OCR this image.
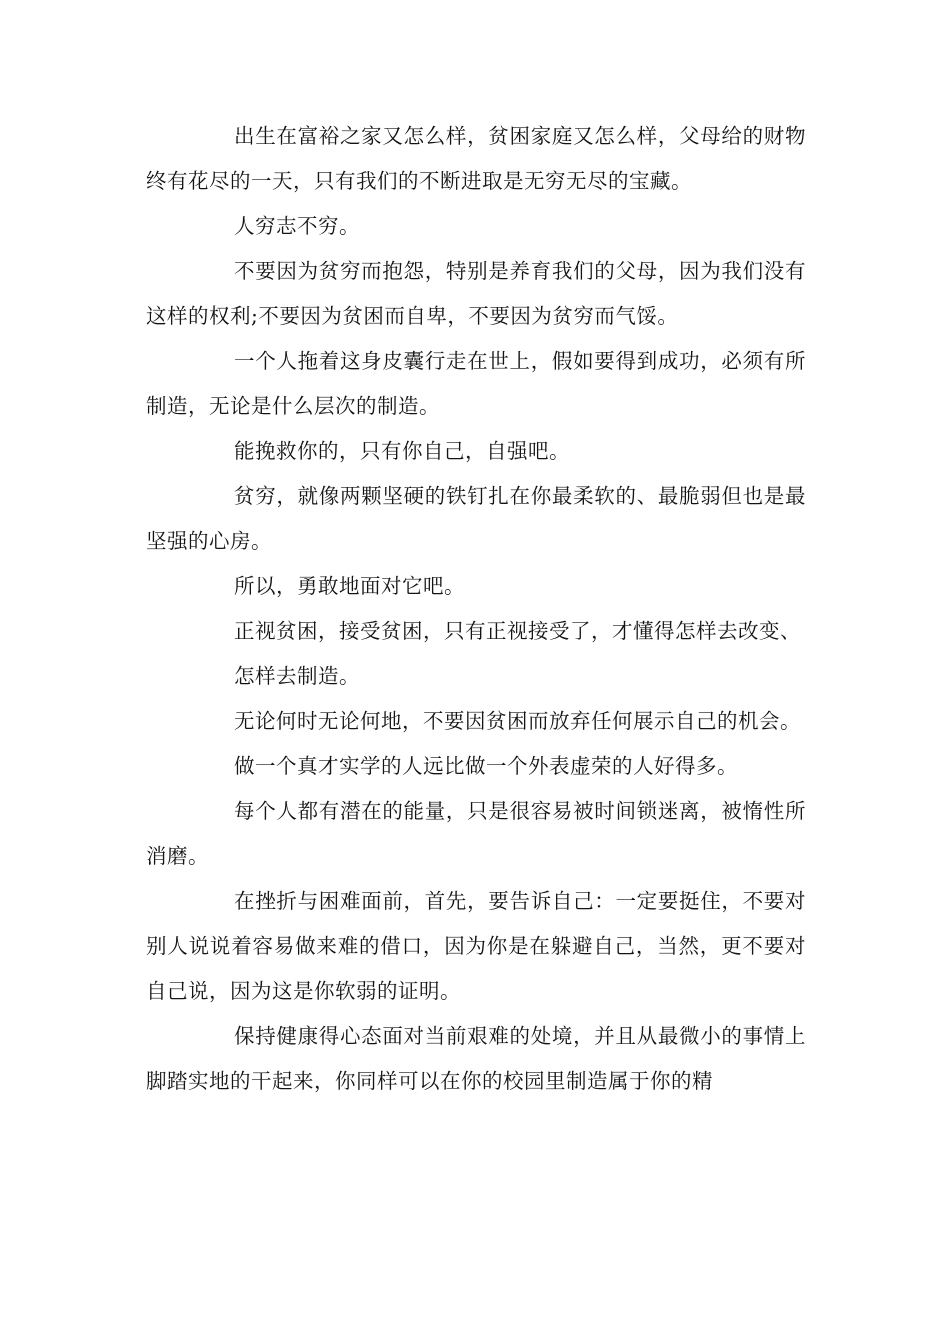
出生在富裕之家又怎么样，贫困家庭又怎么样，父母给的财物终有花尽的一天，只有我们的不断进取是无穷无尽的宝藏。

人穷志不穷。

不要因为贫穷而抱怨，特别是养育我们的父母，因为我们没有这样的权利;不要因为贫困而自卑，不要因为贫穷而气馁。

一个人拖着这身皮囊行走在世上，假如要得到成功，必须有所制造，无论是什么层次的制造。

能挽救你的，只有你自己，自强吧。

贫穷，就像两颗坚硬的铁钉扎在你最柔软的、最脆弱但也是最坚强的心房。

所以，勇敢地面对它吧。

正视贫困，接受贫困，只有正视接受了，才懂得怎样去改变、

怎样去制造。

无论何时无论何地，不要因贫困而放弃任何展示自己的机会。

做一个真才实学的人远比做一个外表虚荣的人好得多。

每个人都有潜在的能量，只是很容易被时间锁迷离，被惰性所消磨。

在挫折与困难面前，首先，要告诉自己：一定要挺住，不要对别人说说着容易做来难的借口，因为你是在躲避自己，当然，更不要对自己说，因为这是你软弱的证明。

保持健康得心态面对当前艰难的处境，并且从最微小的事情上脚踏实地的干起来，你同样可以在你的校园里制造属于你的精
